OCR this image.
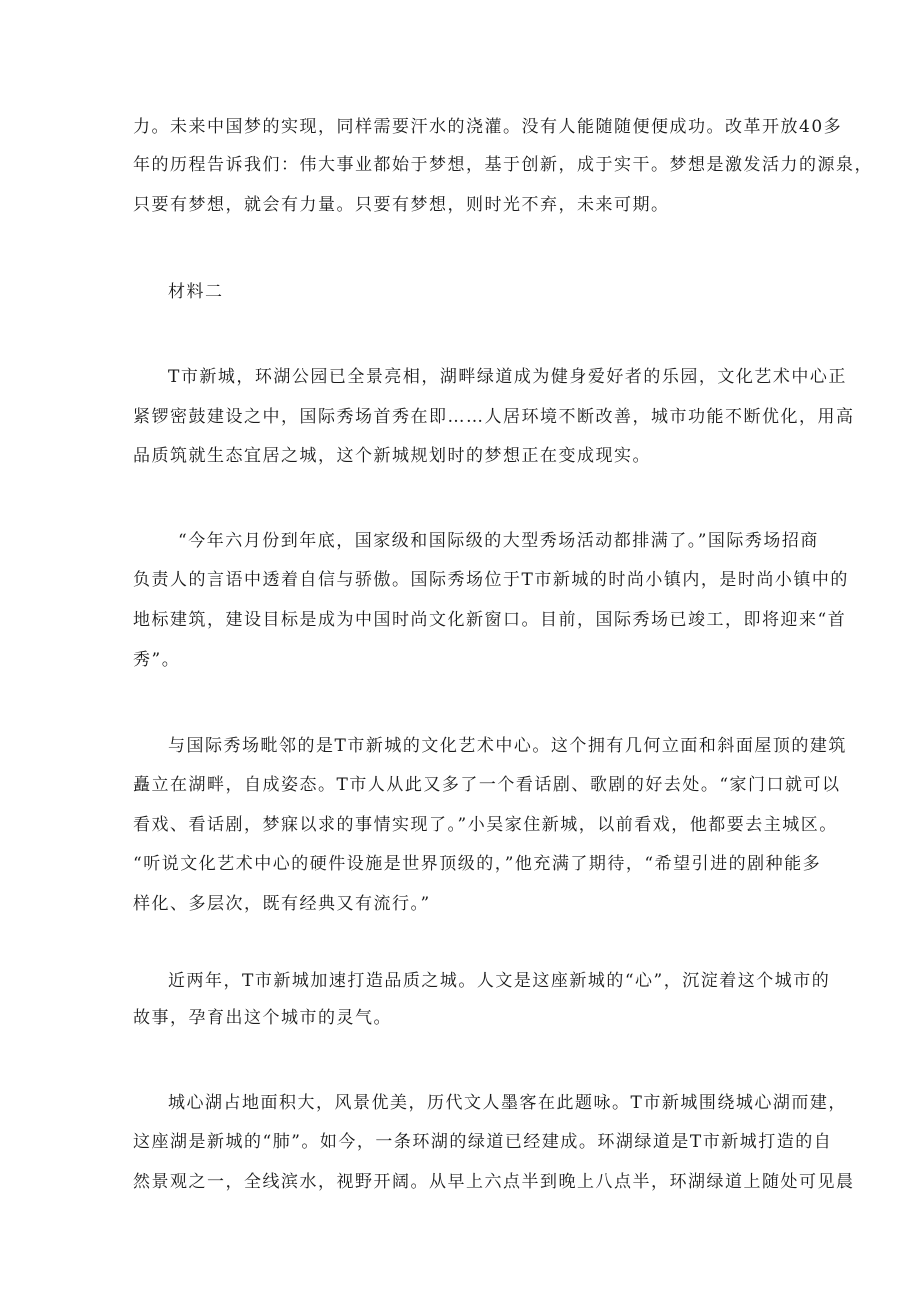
力。未来中国梦的实现，同样需要汗水的浇灌。没有人能随随便便成功。改革开放40多
年的历程告诉我们：伟大事业都始于梦想，基于创新，成于实干。梦想是激发活力的源泉，
只要有梦想，就会有力量。只要有梦想，则时光不弃，未来可期。
材料二
T市新城，环湖公园已全景亮相，湖畔绿道成为健身爱好者的乐园，文化艺术中心正
紧锣密鼓建设之中，国际秀场首秀在即……人居环境不断改善，城市功能不断优化，用高
品质筑就生态宜居之城，这个新城规划时的梦想正在变成现实。
“今年六月份到年底，国家级和国际级的大型秀场活动都排满了。”国际秀场招商
负责人的言语中透着自信与骄傲。国际秀场位于T市新城的时尚小镇内，是时尚小镇中的
地标建筑，建设目标是成为中国时尚文化新窗口。目前，国际秀场已竣工，即将迎来“首
秀”。
与国际秀场毗邻的是T市新城的文化艺术中心。这个拥有几何立面和斜面屋顶的建筑
矗立在湖畔，自成姿态。T市人从此又多了一个看话剧、歌剧的好去处。“家门口就可以
看戏、看话剧，梦寐以求的事情实现了。”小吴家住新城，以前看戏，他都要去主城区。
“听说文化艺术中心的硬件设施是世界顶级的，”他充满了期待，“希望引进的剧种能多
样化、多层次，既有经典又有流行。”
近两年，T市新城加速打造品质之城。人文是这座新城的“心”，沉淀着这个城市的
故事，孕育出这个城市的灵气。
城心湖占地面积大，风景优美，历代文人墨客在此题咏。T市新城围绕城心湖而建，
这座湖是新城的“肺”。如今，一条环湖的绿道已经建成。环湖绿道是T市新城打造的自
然景观之一，全线滨水，视野开阔。从早上六点半到晚上八点半，环湖绿道上随处可见晨
